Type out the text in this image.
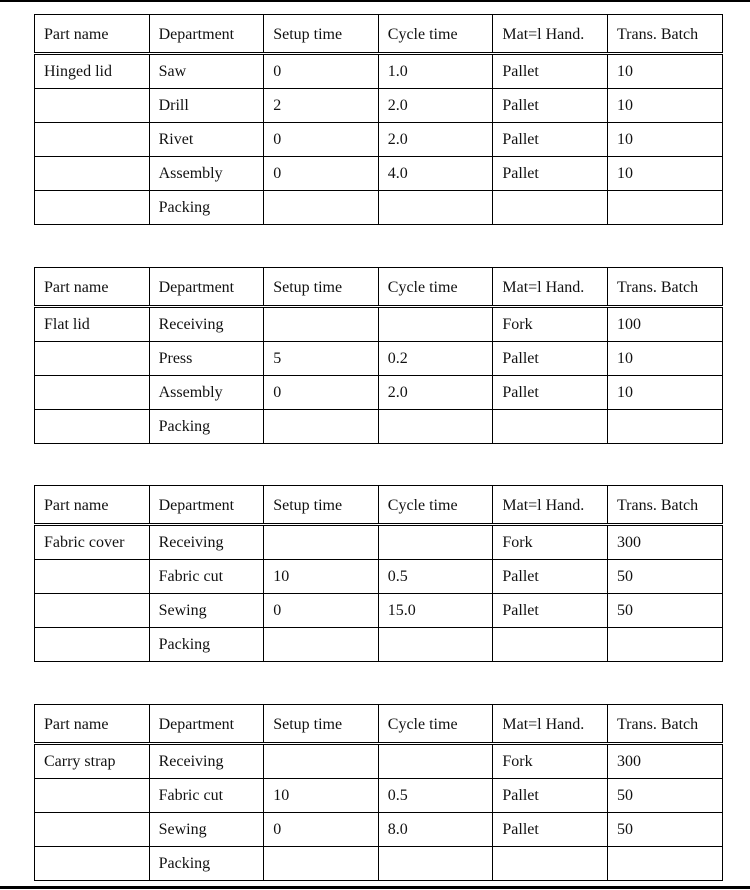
Part name	Department	Setup time	Cycle time	Mat=l Hand.	Trans. Batch
Hinged lid	Saw	0	1.0	Pallet	10
	Drill	2	2.0	Pallet	10
	Rivet	0	2.0	Pallet	10
	Assembly	0	4.0	Pallet	10
	Packing				
Part name	Department	Setup time	Cycle time	Mat=l Hand.	Trans. Batch
Flat lid	Receiving			Fork	100
	Press	5	0.2	Pallet	10
	Assembly	0	2.0	Pallet	10
	Packing				
Part name	Department	Setup time	Cycle time	Mat=l Hand.	Trans. Batch
Fabric cover	Receiving			Fork	300
	Fabric cut	10	0.5	Pallet	50
	Sewing	0	15.0	Pallet	50
	Packing				
Part name	Department	Setup time	Cycle time	Mat=l Hand.	Trans. Batch
Carry strap	Receiving			Fork	300
	Fabric cut	10	0.5	Pallet	50
	Sewing	0	8.0	Pallet	50
	Packing				
